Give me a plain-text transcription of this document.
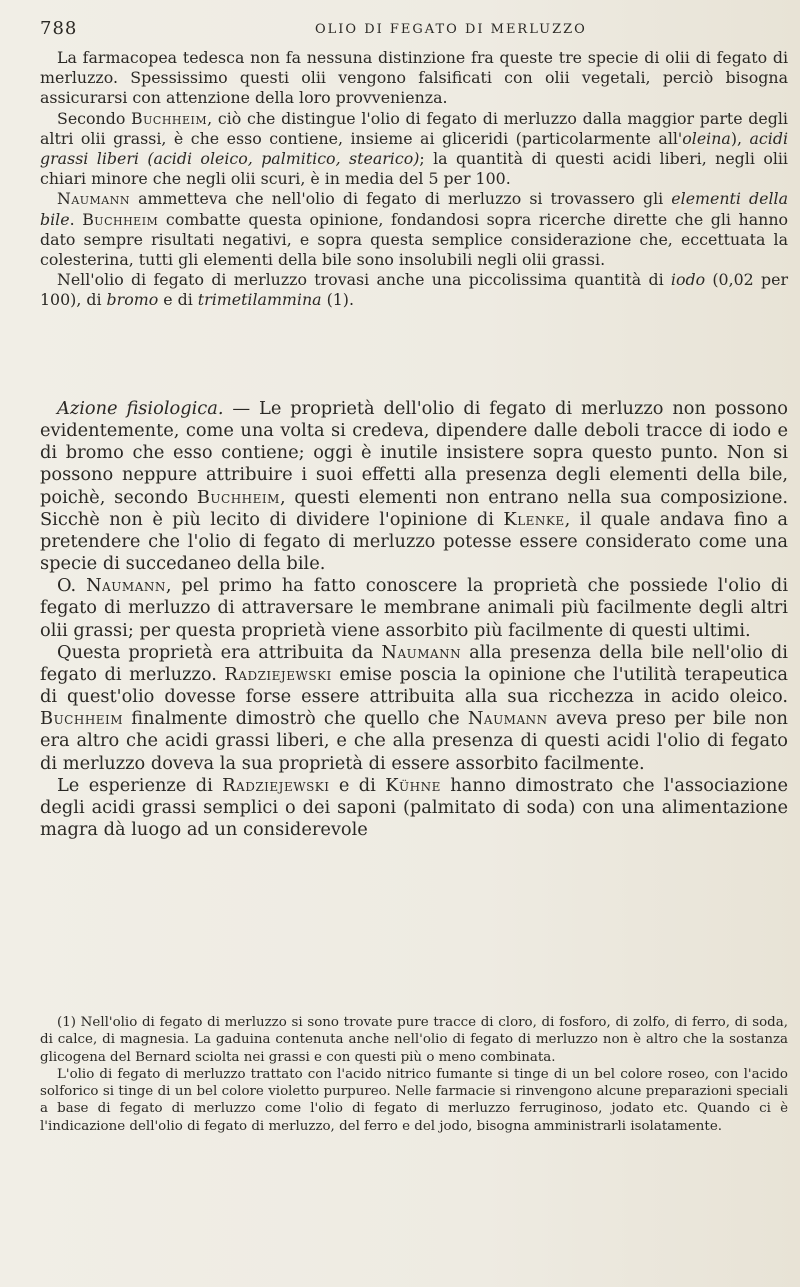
788	OLIO DI FEGATO DI MERLUZZO

La farmacopea tedesca non fa nessuna distinzione fra queste tre specie di olii di fegato di merluzzo. Spessissimo questi olii vengono falsificati con olii vegetali, perciò bisogna assicurarsi con attenzione della loro provvenienza.

Secondo Buchheim, ciò che distingue l'olio di fegato di merluzzo dalla maggior parte degli altri olii grassi, è che esso contiene, insieme ai gliceridi (particolarmente all'oleina), acidi grassi liberi (acidi oleico, palmitico, stearico); la quantità di questi acidi liberi, negli olii chiari minore che negli olii scuri, è in media del 5 per 100.

Naumann ammetteva che nell'olio di fegato di merluzzo si trovassero gli elementi della bile. Buchheim combatte questa opinione, fondandosi sopra ricerche dirette che gli hanno dato sempre risultati negativi, e sopra questa semplice considerazione che, eccettuata la colesterina, tutti gli elementi della bile sono insolubili negli olii grassi.

Nell'olio di fegato di merluzzo trovasi anche una piccolissima quantità di iodo (0,02 per 100), di bromo e di trimetilammina (1).

Azione fisiologica. — Le proprietà dell'olio di fegato di merluzzo non possono evidentemente, come una volta si credeva, dipendere dalle deboli tracce di iodo e di bromo che esso contiene; oggi è inutile insistere sopra questo punto. Non si possono neppure attribuire i suoi effetti alla presenza degli elementi della bile, poichè, secondo Buchheim, questi elementi non entrano nella sua composizione. Sicchè non è più lecito di dividere l'opinione di Klenke, il quale andava fino a pretendere che l'olio di fegato di merluzzo potesse essere considerato come una specie di succedaneo della bile.

O. Naumann, pel primo ha fatto conoscere la proprietà che possiede l'olio di fegato di merluzzo di attraversare le membrane animali più facilmente degli altri olii grassi; per questa proprietà viene assorbito più facilmente di questi ultimi.

Questa proprietà era attribuita da Naumann alla presenza della bile nell'olio di fegato di merluzzo. Radziejewski emise poscia la opinione che l'utilità terapeutica di quest'olio dovesse forse essere attribuita alla sua ricchezza in acido oleico. Buchheim finalmente dimostrò che quello che Naumann aveva preso per bile non era altro che acidi grassi liberi, e che alla presenza di questi acidi l'olio di fegato di merluzzo doveva la sua proprietà di essere assorbito facilmente.

Le esperienze di Radziejewski e di Kühne hanno dimostrato che l'associazione degli acidi grassi semplici o dei saponi (palmitato di soda) con una alimentazione magra dà luogo ad un considerevole

(1) Nell'olio di fegato di merluzzo si sono trovate pure tracce di cloro, di fosforo, di zolfo, di ferro, di soda, di calce, di magnesia. La gaduina contenuta anche nell'olio di fegato di merluzzo non è altro che la sostanza glicogena del Bernard sciolta nei grassi e con questi più o meno combinata.

L'olio di fegato di merluzzo trattato con l'acido nitrico fumante si tinge di un bel colore roseo, con l'acido solforico si tinge di un bel colore violetto purpureo. Nelle farmacie si rinvengono alcune preparazioni speciali a base di fegato di merluzzo come l'olio di fegato di merluzzo ferruginoso, jodato etc. Quando ci è l'indicazione dell'olio di fegato di merluzzo, del ferro e del jodo, bisogna amministrarli isolatamente.
